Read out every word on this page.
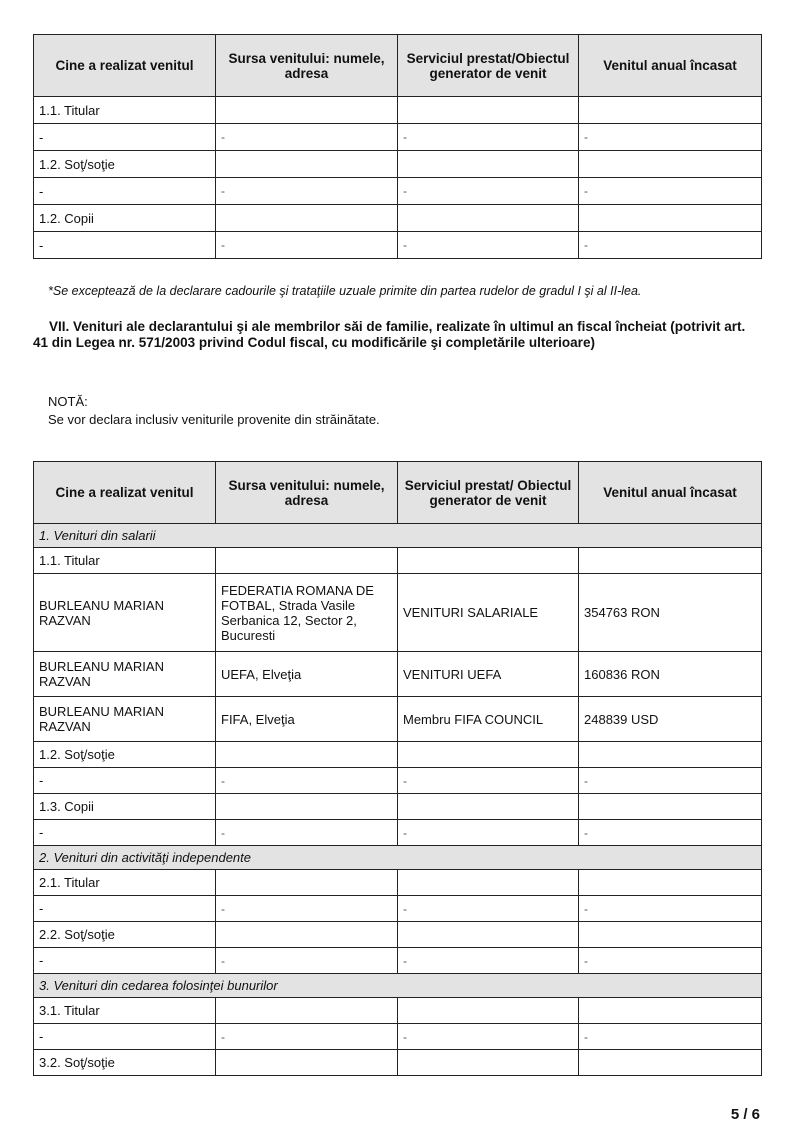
Cine a realizat venitul	Sursa venitului: numele, adresa	Serviciul prestat/Obiectul generator de venit	Venitul anual încasat
1.1. Titular			
-	-	-	-
1.2. Soţ/soţie			
-	-	-	-
1.2. Copii			
-	-	-	-
*Se exceptează de la declarare cadourile şi trataţiile uzuale primite din partea rudelor de gradul I şi al II-lea.
VII. Venituri ale declarantului şi ale membrilor săi de familie, realizate în ultimul an fiscal încheiat (potrivit art. 41 din Legea nr. 571/2003 privind Codul fiscal, cu modificările şi completările ulterioare)
NOTĂ:
Se vor declara inclusiv veniturile provenite din străinătate.
Cine a realizat venitul	Sursa venitului: numele, adresa	Serviciul prestat/ Obiectul generator de venit	Venitul anual încasat
1. Venituri din salarii			
1.1. Titular			
BURLEANU MARIAN RAZVAN	FEDERATIA ROMANA DE FOTBAL, Strada Vasile Serbanica 12, Sector 2, Bucuresti	VENITURI SALARIALE	354763 RON
BURLEANU MARIAN RAZVAN	UEFA, Elveţia	VENITURI UEFA	160836 RON
BURLEANU MARIAN RAZVAN	FIFA, Elveţia	Membru FIFA COUNCIL	248839 USD
1.2. Soţ/soţie			
-	-	-	-
1.3. Copii			
-	-	-	-
2. Venituri din activităţi independente			
2.1. Titular			
-	-	-	-
2.2. Soţ/soţie			
-	-	-	-
3. Venituri din cedarea folosinţei bunurilor			
3.1. Titular			
-	-	-	-
3.2. Soţ/soţie			
5 / 6
